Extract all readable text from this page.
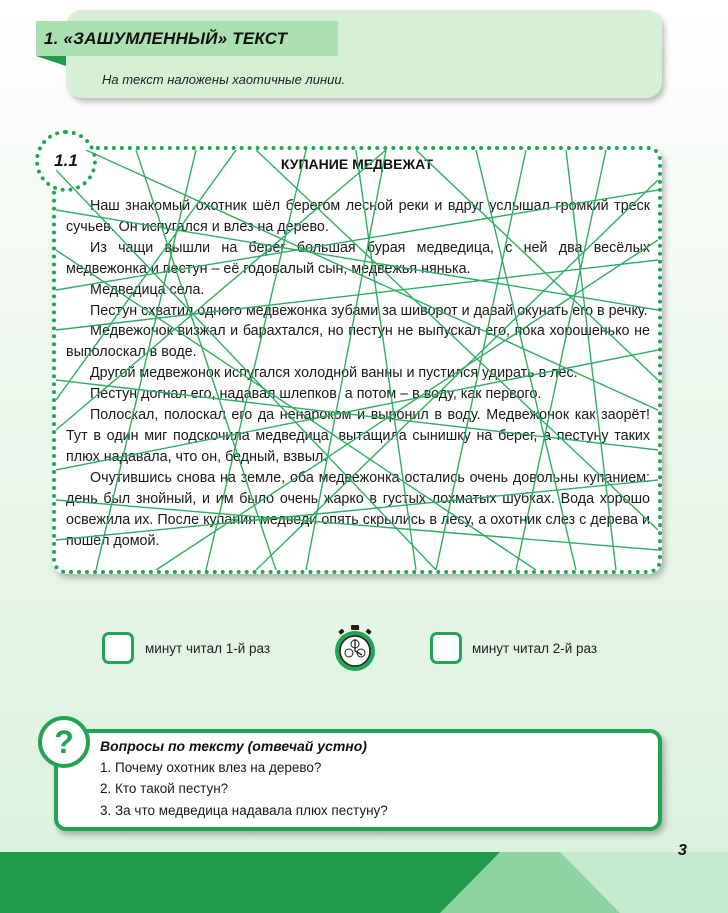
1. «ЗАШУМЛЕННЫЙ» ТЕКСТ
На текст наложены хаотичные линии.
КУПАНИЕ МЕДВЕЖАТ

Наш знакомый охотник шёл берегом лесной реки и вдруг услышал громкий треск сучьев. Он испугался и влез на дерево.

Из чащи вышли на берег большая бурая медведица, с ней два весёлых медвежонка и пестун – её годовалый сын, медвежья нянька.

Медведица села.

Пестун схватил одного медвежонка зубами за шиворот и давай окунать его в речку.

Медвежонок визжал и барахтался, но пестун не выпускал его, пока хорошенько не выполоскал в воде.

Другой медвежонок испугался холодной ванны и пустился удирать в лес.

Пестун догнал его, надавал шлепков, а потом – в воду, как первого.

Полоскал, полоскал его да ненароком и выронил в воду. Медвежонок как заорёт! Тут в один миг подскочила медведица, вытащила сынишку на берег, а пестуну таких плюх надавала, что он, бедный, взвыл.

Очутившись снова на земле, оба медвежонка остались очень довольны купанием: день был знойный, и им было очень жарко в густых лохматых шубках. Вода хорошо освежила их. После купания медведи опять скрылись в лесу, а охотник слез с дерева и пошёл домой.

1.1
минут читал 1-й раз	минут читал 2-й раз
? Вопросы по тексту (отвечай устно)
1. Почему охотник влез на дерево?
2. Кто такой пестун?
3. За что медведица надавала плюх пестуну?
3
